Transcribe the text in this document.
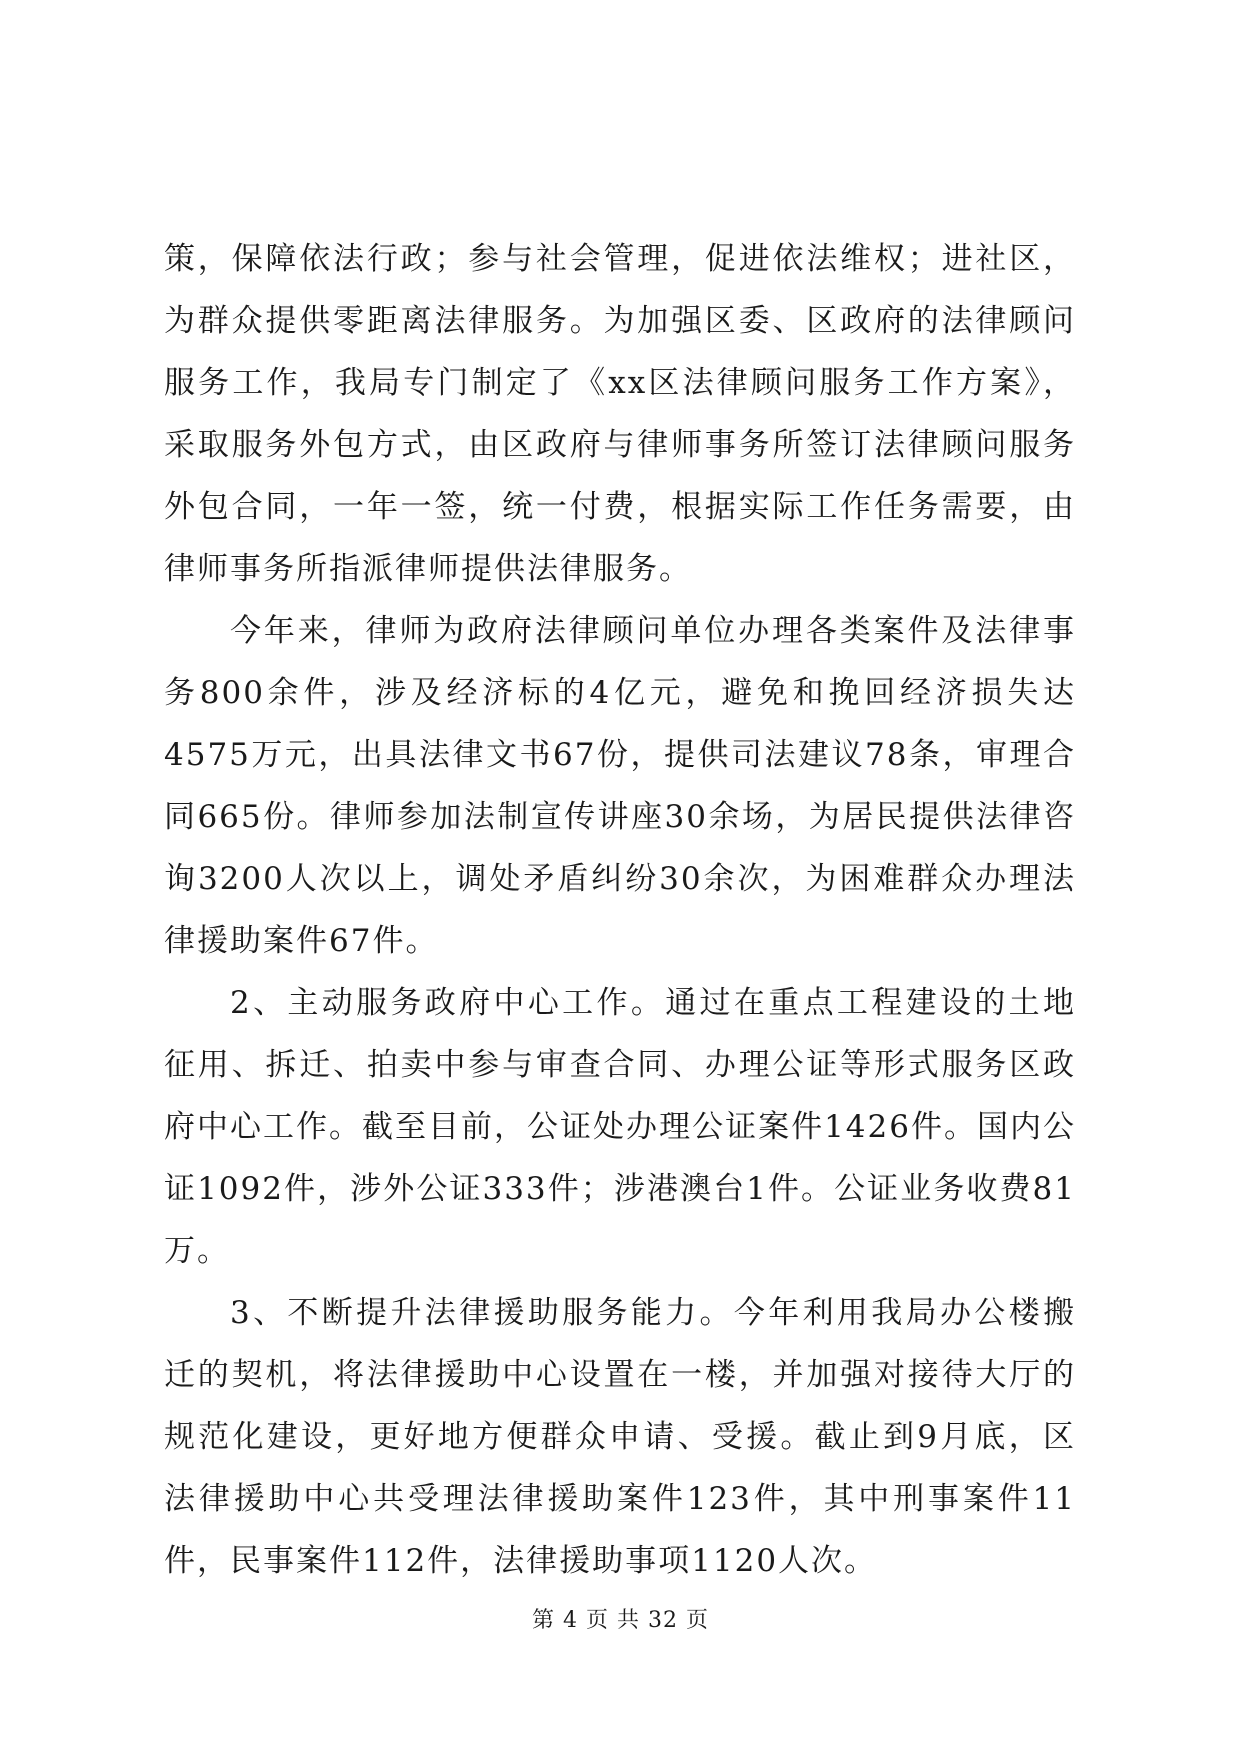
策，保障依法行政；参与社会管理，促进依法维权；进社区，为群众提供零距离法律服务。为加强区委、区政府的法律顾问服务工作，我局专门制定了《xx区法律顾问服务工作方案》，采取服务外包方式，由区政府与律师事务所签订法律顾问服务外包合同，一年一签，统一付费，根据实际工作任务需要，由律师事务所指派律师提供法律服务。

今年来，律师为政府法律顾问单位办理各类案件及法律事务800余件，涉及经济标的4亿元，避免和挽回经济损失达4575万元，出具法律文书67份，提供司法建议78条，审理合同665份。律师参加法制宣传讲座30余场，为居民提供法律咨询3200人次以上，调处矛盾纠纷30余次，为困难群众办理法律援助案件67件。

2、主动服务政府中心工作。通过在重点工程建设的土地征用、拆迁、拍卖中参与审查合同、办理公证等形式服务区政府中心工作。截至目前，公证处办理公证案件1426件。国内公证1092件，涉外公证333件；涉港澳台1件。公证业务收费81万。

3、不断提升法律援助服务能力。今年利用我局办公楼搬迁的契机，将法律援助中心设置在一楼，并加强对接待大厅的规范化建设，更好地方便群众申请、受援。截止到9月底，区法律援助中心共受理法律援助案件123件，其中刑事案件11件，民事案件112件，法律援助事项1120人次。

第 4 页 共 32 页
